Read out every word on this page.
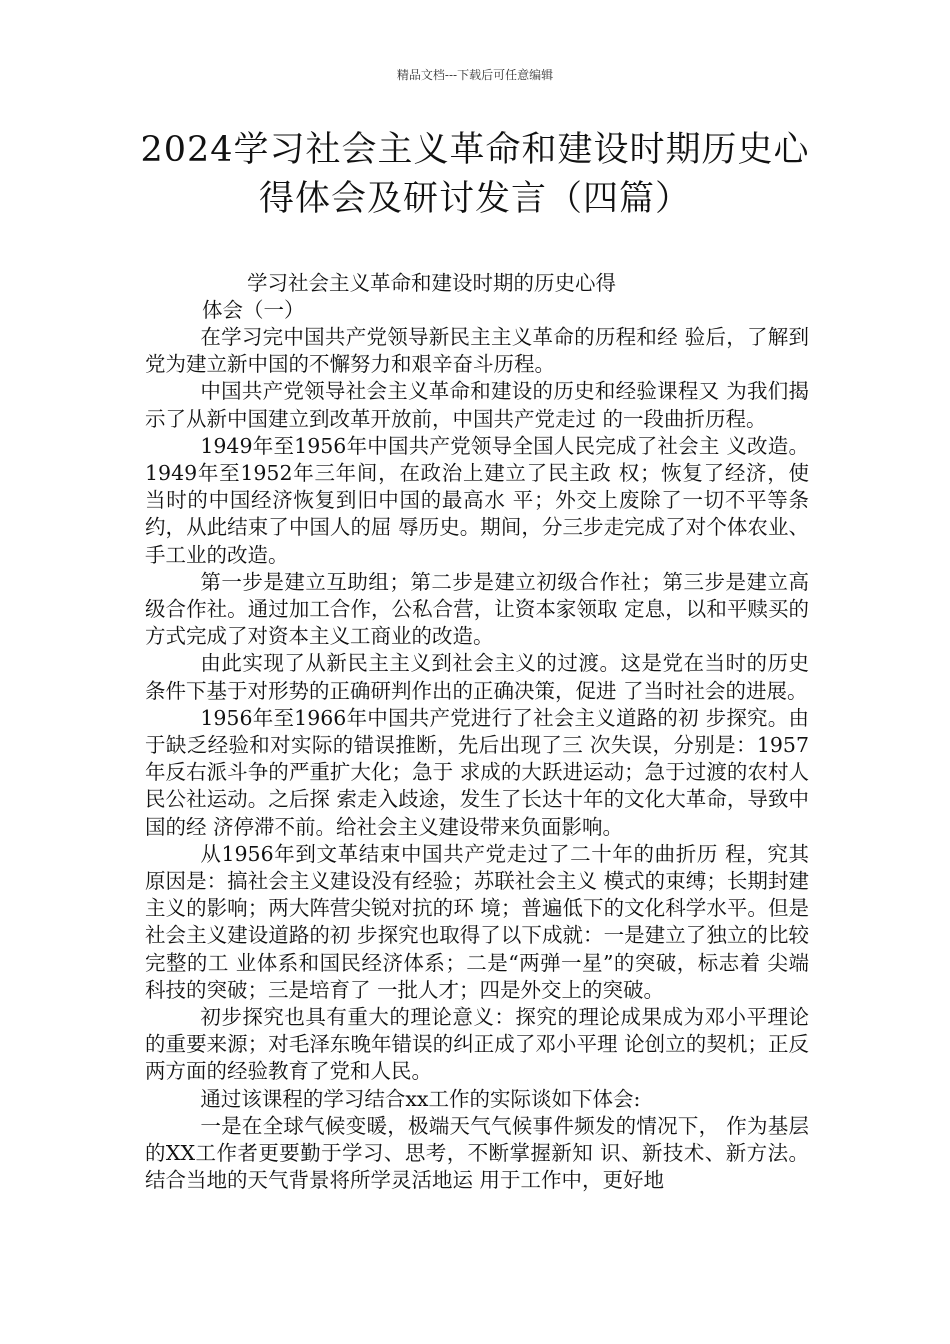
精品文档---下载后可任意编辑
2024学习社会主义革命和建设时期历史心
得体会及研讨发言（四篇）
学习社会主义革命和建设时期的历史心得
体会（一）

在学习完中国共产党领导新民主主义革命的历程和经 验后，了解到党为建立新中国的不懈努力和艰辛奋斗历程。

中国共产党领导社会主义革命和建设的历史和经验课程又 为我们揭示了从新中国建立到改革开放前，中国共产党走过 的一段曲折历程。

1949年至1956年中国共产党领导全国人民完成了社会主 义改造。1949年至1952年三年间，在政治上建立了民主政 权；恢复了经济，使当时的中国经济恢复到旧中国的最高水 平；外交上废除了一切不平等条约，从此结束了中国人的屈 辱历史。期间，分三步走完成了对个体农业、手工业的改造。

第一步是建立互助组；第二步是建立初级合作社；第三步是建立高级合作社。通过加工合作，公私合营，让资本家领取 定息，以和平赎买的方式完成了对资本主义工商业的改造。

由此实现了从新民主主义到社会主义的过渡。这是党在当时的历史条件下基于对形势的正确研判作出的正确决策，促进 了当时社会的进展。

1956年至1966年中国共产党进行了社会主义道路的初 步探究。由于缺乏经验和对实际的错误推断，先后出现了三 次失误，分别是：1957年反右派斗争的严重扩大化；急于 求成的大跃进运动；急于过渡的农村人民公社运动。之后探 索走入歧途，发生了长达十年的文化大革命，导致中国的经 济停滞不前。给社会主义建设带来负面影响。

从1956年到文革结束中国共产党走过了二十年的曲折历 程，究其原因是：搞社会主义建设没有经验；苏联社会主义 模式的束缚；长期封建主义的影响；两大阵营尖锐对抗的环 境；普遍低下的文化科学水平。但是社会主义建设道路的初 步探究也取得了以下成就：一是建立了独立的比较完整的工 业体系和国民经济体系；二是“两弹一星”的突破，标志着 尖端科技的突破；三是培育了 一批人才；四是外交上的突破。

初步探究也具有重大的理论意义：探究的理论成果成为邓小平理论的重要来源；对毛泽东晚年错误的纠正成了邓小平理 论创立的契机；正反两方面的经验教育了党和人民。

通过该课程的学习结合xx工作的实际谈如下体会:

一是在全球气候变暖，极端天气气候事件频发的情况下， 作为基层的XX工作者更要勤于学习、思考，不断掌握新知 识、新技术、新方法。结合当地的天气背景将所学灵活地运 用于工作中，更好地
